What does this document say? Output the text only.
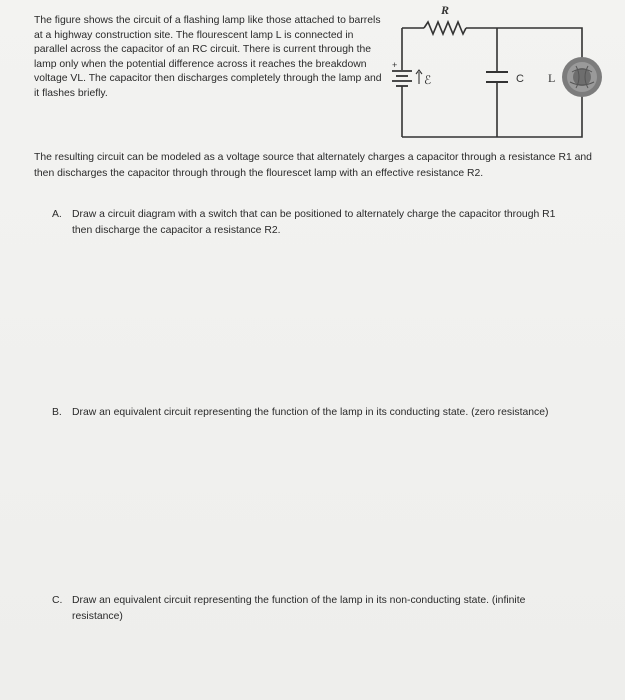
The figure shows the circuit of a flashing lamp like those attached to barrels at a highway construction site. The flourescent lamp L is connected in parallel across the capacitor of an RC circuit. There is current through the lamp only when the potential difference across it reaches the breakdown voltage VL. The capacitor then discharges completely through the lamp and it flashes briefly.
+
ℰ	C L
R
The resulting circuit can be modeled as a voltage source that alternately charges a capacitor through a resistance R1 and then discharges the capacitor through through the flourescet lamp with an effective resistance R2.
A. Draw a circuit diagram with a switch that can be positioned to alternately charge the capacitor through R1 then discharge the capacitor a resistance R2.
B. Draw an equivalent circuit representing the function of the lamp in its conducting state. (zero resistance)
C. Draw an equivalent circuit representing the function of the lamp in its non-conducting state. (infinite resistance)
